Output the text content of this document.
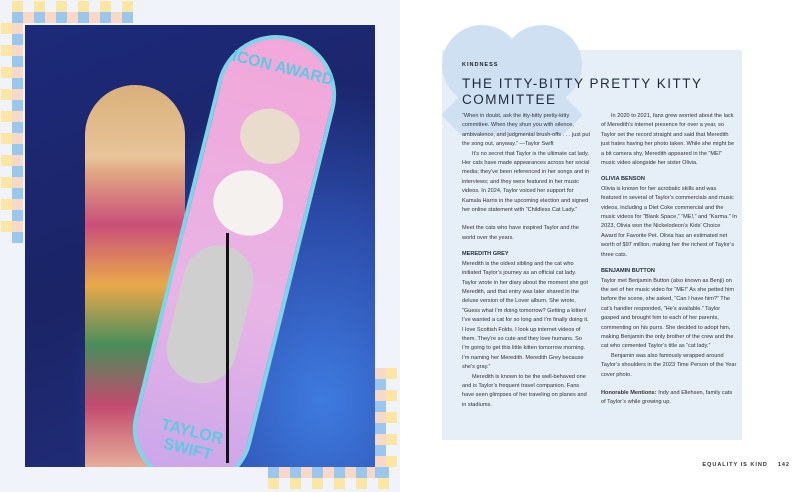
ICON AWARD
TAYLOR SWIFT
KINDNESS
THE ITTY-BITTY PRETTY KITTY COMMITTEE

“When in doubt, ask the itty-bitty pretty-kitty committee. When they shun you with silence, ambivalence, and judgmental brush-offs . . . just put the song out, anyway.” —Taylor Swift

It’s no secret that Taylor is the ultimate cat lady. Her cats have made appearances across her social media; they’ve been referenced in her songs and in interviews; and they were featured in her music videos. In 2024, Taylor voiced her support for Kamala Harris in the upcoming election and signed her online statement with “Childless Cat Lady.”

Meet the cats who have inspired Taylor and the world over the years.

MEREDITH GREY

Meredith is the oldest sibling and the cat who initiated Taylor’s journey as an official cat lady. Taylor wrote in her diary about the moment she got Meredith, and that entry was later shared in the deluxe version of the Lover album. She wrote, “Guess what I’m doing tomorrow? Getting a kitten! I’ve wanted a cat for so long and I’m finally doing it. I love Scottish Folds. I look up internet videos of them. They’re so cute and they love humans. So I’m going to get this little kitten tomorrow morning. I’m naming her Meredith. Meredith Grey because she’s gray.”

Meredith is known to be the well-behaved one and is Taylor’s frequent travel companion. Fans have seen glimpses of her traveling on planes and in stadiums.

In 2020 to 2021, fans grew worried about the lack of Meredith’s internet presence for over a year, so Taylor set the record straight and said that Meredith just hates having her photo taken. While she might be a bit camera shy, Meredith appeared in the “ME!” music video alongside her sister Olivia.

OLIVIA BENSON

Olivia is known for her acrobatic skills and was featured in several of Taylor’s commercials and music videos, including a Diet Coke commercial and the music videos for “Blank Space,” “ME!,” and “Karma.” In 2023, Olivia won the Nickelodeon’s Kids’ Choice Award for Favorite Pet. Olivia has an estimated net worth of $97 million, making her the richest of Taylor’s three cats.

BENJAMIN BUTTON

Taylor met Benjamin Button (also known as Benji) on the set of her music video for “ME!” As she petted him before the scene, she asked, “Can I have him?” The cat’s handler responded, “He’s available.” Taylor gasped and brought him to each of her parents, commenting on his purrs. She decided to adopt him, making Benjamin the only brother of the crew and the cat who cemented Taylor’s title as “cat lady.”

Benjamin was also famously wrapped around Taylor’s shoulders in the 2023 Time Person of the Year cover photo.

Honorable Mentions: Indy and Ellehsen, family cats of Taylor’s while growing up.

EQUALITY IS KIND 142
